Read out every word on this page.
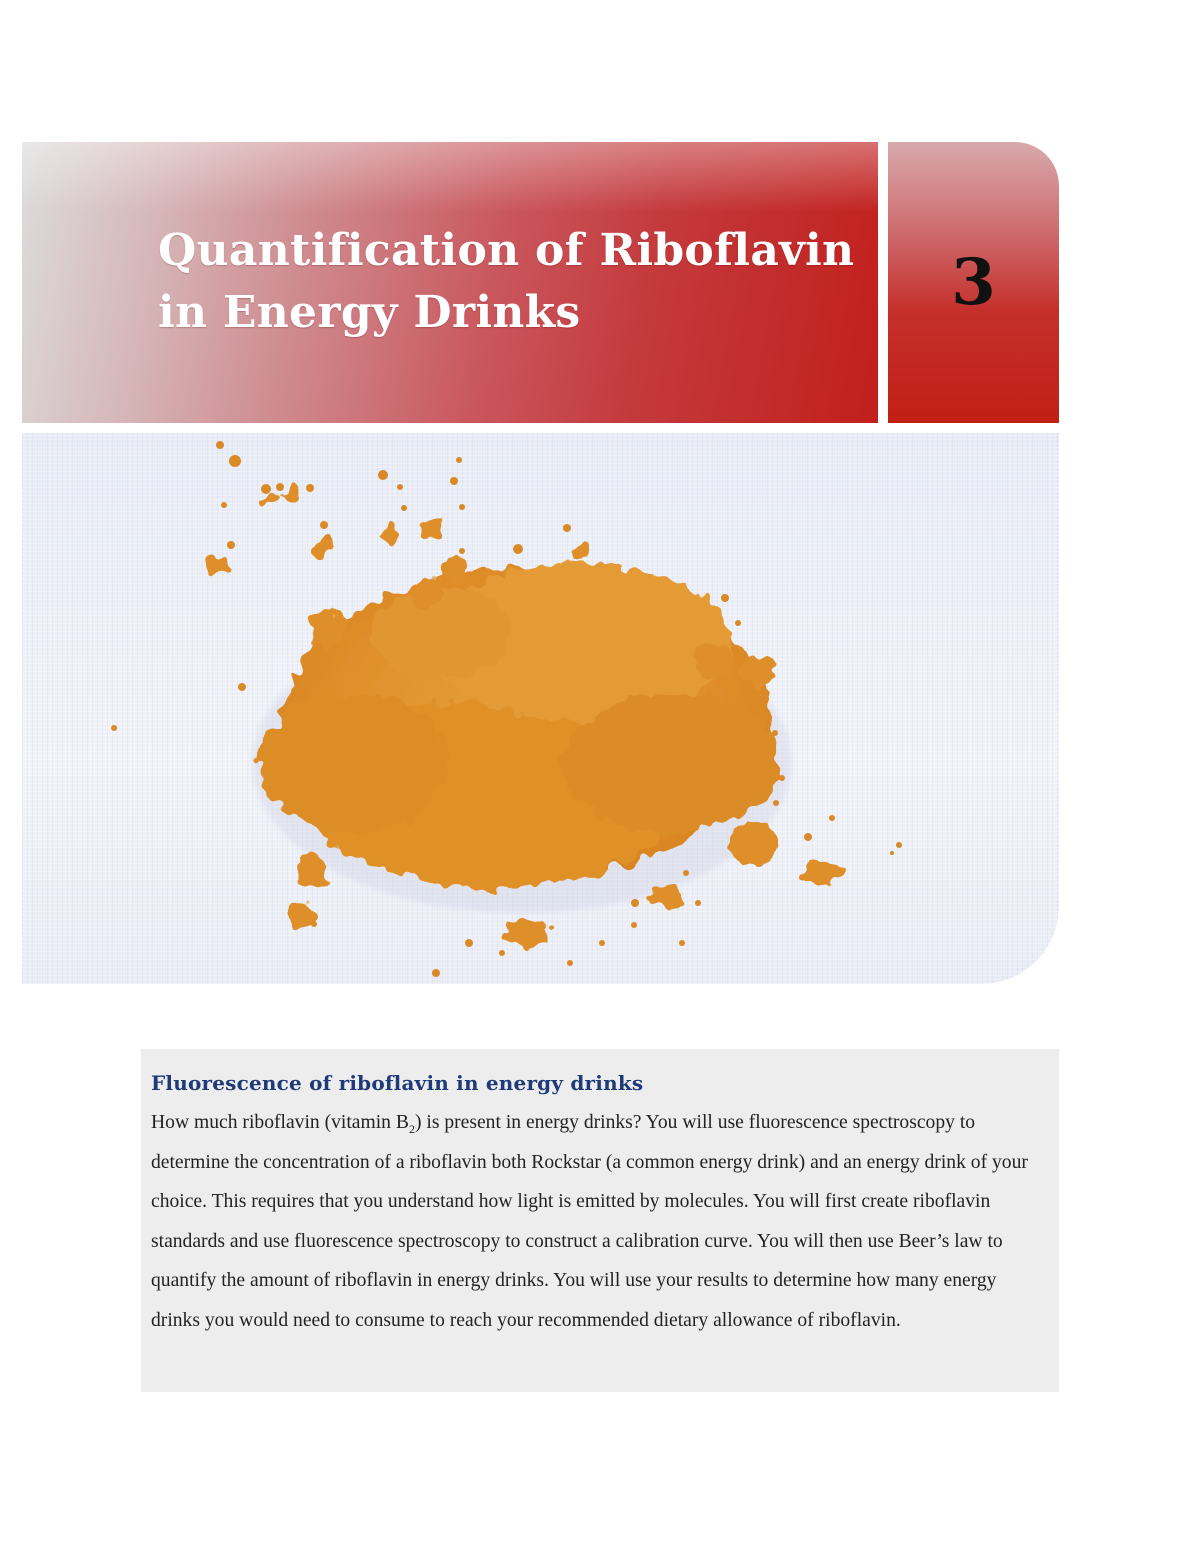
Quantification of Riboflavin
in Energy Drinks	3
Fluorescence of riboflavin in energy drinks

How much riboflavin (vitamin $B_2$) is present in energy drinks? You will use fluorescence spectroscopy to determine the concentration of a riboflavin both Rockstar (a common energy drink) and an energy drink of your choice. This requires that you understand how light is emitted by molecules. You will first create riboflavin standards and use fluorescence spectroscopy to construct a calibration curve. You will then use Beer’s law to quantify the amount of riboflavin in energy drinks. You will use your results to determine how many energy drinks you would need to consume to reach your recommended dietary allowance of riboflavin.
